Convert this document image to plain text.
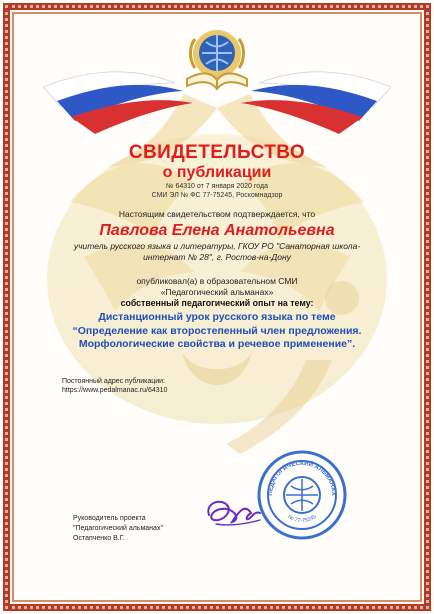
СВИДЕТЕЛЬСТВО
о публикации
№ 64310 от 7 января 2020 года
СМИ ЭЛ № ФС 77-75245, Роскомнадзор
Настоящим свидетельством подтверждается, что
Павлова Елена Анатольевна
учитель русского языка и литературы, ГКОУ РО "Санаторная школа-интернат № 28", г. Ростов-на-Дону
опубликовал(а) в образовательном СМИ
«Педагогический альманах»
собственный педагогический опыт на тему:
Дистанционный урок русского языка по теме
“Определение как второстепенный член предложения. Морфологические свойства и речевое применение”.
Постоянный адрес публикации:
https://www.pedalmanac.ru/64310
Руководитель проекта
"Педагогический альманах"
Остапченко В.Г.
ПЕДАГОГИЧЕСКИЙ АЛЬМАНАХ
№ 77-75245
